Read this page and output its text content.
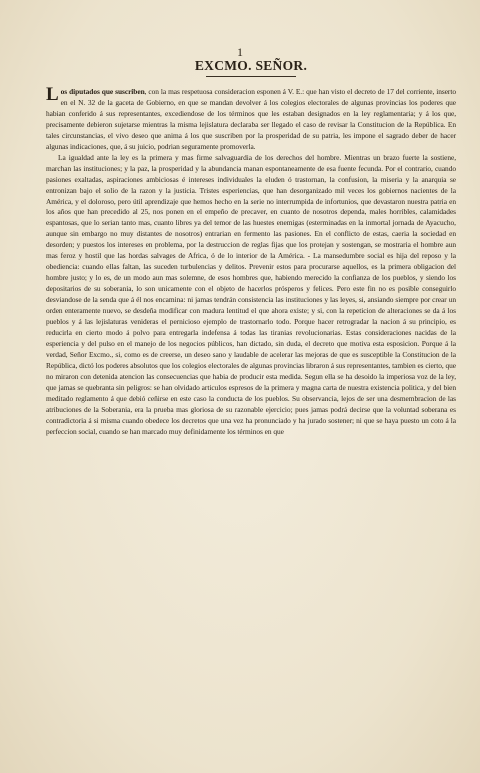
1
EXCMO. SEÑOR.

Los diputados que suscriben, con la mas respetuosa consideracion esponen á V. E.: que han visto el decreto de 17 del corriente, inserto en el N. 32 de la gaceta de Gobierno, en que se mandan devolver á los colegios electorales de algunas provincias los poderes que habian conferido á sus representantes, excediendose de los términos que les estaban designados en la ley reglamentaria; y á los que, precisamente debieron sujetarse mientras la misma lejislatura declaraba ser llegado el caso de revisar la Constitucion de la República. En tales circunstancias, el vivo deseo que anima á los que suscriben por la prosperidad de su patria, les impone el sagrado deber de hacer algunas indicaciones, que, á su juicio, podrian seguramente promoverla.

La igualdad ante la ley es la primera y mas firme salvaguardia de los derechos del hombre. Mientras un brazo fuerte la sostiene, marchan las instituciones; y la paz, la prosperidad y la abundancia manan espontaneamente de esa fuente fecunda. Por el contrario, cuando pasiones exaltadas, aspiraciones ambiciosas é intereses individuales la eluden ó trastornan, la confusion, la miseria y la anarquia se entronizan bajo el solio de la razon y la justicia. Tristes esperiencias, que han desorganizado mil veces los gobiernos nacientes de la América, y el doloroso, pero útil aprendizaje que hemos hecho en la serie no interrumpida de infortunios, que devastaron nuestra patria en los años que han precedido al 25, nos ponen en el empeño de precaver, en cuanto de nosotros dependa, males horribles, calamidades espantosas, que lo serian tanto mas, cuanto libres ya del temor de las huestes enemigas (esterminadas en la inmortal jornada de Ayacucho, aunque sin embargo no muy distantes de nosotros) entrarian en fermento las pasiones. En el conflicto de estas, caeria la sociedad en desorden; y puestos los intereses en problema, por la destruccion de reglas fijas que los protejan y sostengan, se mostraria el hombre aun mas feroz y hostil que las hordas salvages de Africa, ó de lo interior de la América. - La mansedumbre social es hija del reposo y la obediencia: cuando ellas faltan, las suceden turbulencias y delitos. Prevenir estos para procurarse aquellos, es la primera obligacion del hombre justo; y lo es, de un modo aun mas solemne, de esos hombres que, habiendo merecido la confianza de los pueblos, y siendo los depositarios de su soberania, lo son unicamente con el objeto de hacerlos prósperos y felices. Pero este fin no es posible conseguirlo desviandose de la senda que á él nos encamina: ni jamas tendrán consistencia las instituciones y las leyes, si, ansiando siempre por crear un orden enteramente nuevo, se desdeña modificar con madura lentitud el que ahora existe; y si, con la repeticion de alteraciones se da á los pueblos y á las lejislaturas venideras el pernicioso ejemplo de trastornarlo todo. Porque hacer retrogradar la nacion á su principio, es reducirla en cierto modo á polvo para entregarla indefensa á todas las tiranias revolucionarias. Estas consideraciones nacidas de la esperiencia y del pulso en el manejo de los negocios públicos, han dictado, sin duda, el decreto que motiva esta esposicion. Porque á la verdad, Señor Excmo., si, como es de creerse, un deseo sano y laudable de acelerar las mejoras de que es susceptible la Constitucion de la República, dictó los poderes absolutos que los colegios electorales de algunas provincias libraron á sus representantes, tambien es cierto, que no miraron con detenida atencion las consecuencias que habia de producir esta medida. Segun ella se ha desoido la imperiosa voz de la ley, que jamas se quebranta sin peligros: se han olvidado articulos espresos de la primera y magna carta de nuestra existencia politica, y del bien meditado reglamento á que debió ceñirse en este caso la conducta de los pueblos. Su observancia, lejos de ser una desmembracion de las atribuciones de la Soberania, era la prueba mas gloriosa de su razonable ejercicio; pues jamas podrá decirse que la voluntad soberana es contradictoria á si misma cuando obedece los decretos que una vez ha pronunciado y ha jurado sostener; ni que se haya puesto un coto á la perfeccion social, cuando se han marcado muy definidamente los términos en que
